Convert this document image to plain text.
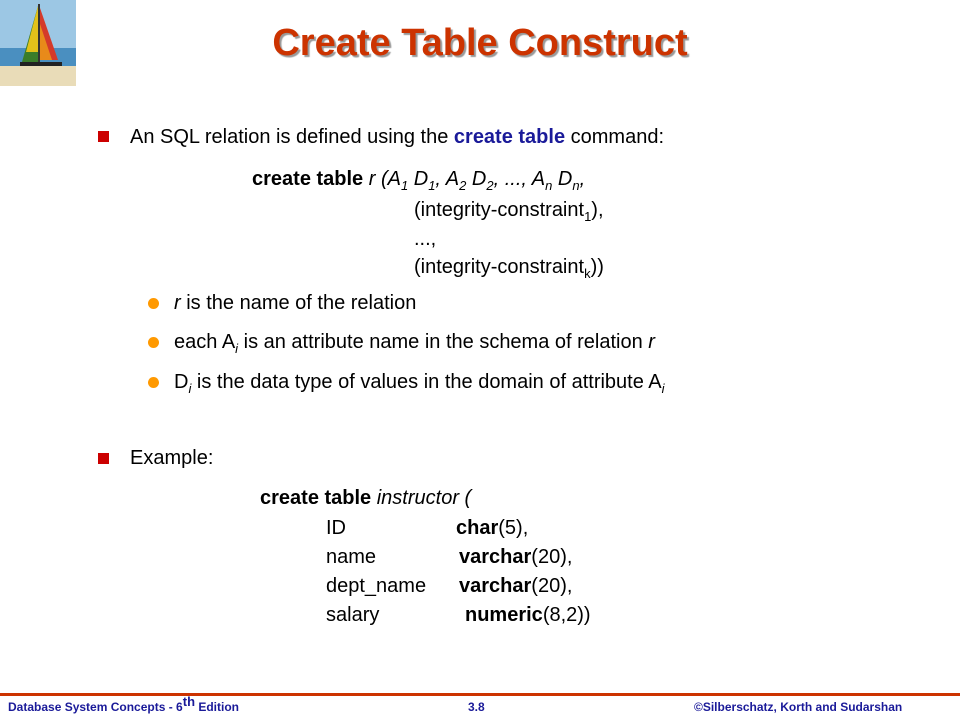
Create Table Construct
An SQL relation is defined using the create table command:
create table r ($A_1$ $D_1$, $A_2$ $D_2$, ..., $A_n$ $D_n$,
(integrity-constraint$_1$),
...,
(integrity-constraint$_k$))
r is the name of the relation
each $A_i$ is an attribute name in the schema of relation r
$D_i$ is the data type of values in the domain of attribute $A_i$
Example:
create table instructor (
ID	char(5),
name	varchar(20),
dept_name varchar(20),
salary	numeric(8,2))
Database System Concepts - 6th Edition	3.8	©Silberschatz, Korth and Sudarshan
